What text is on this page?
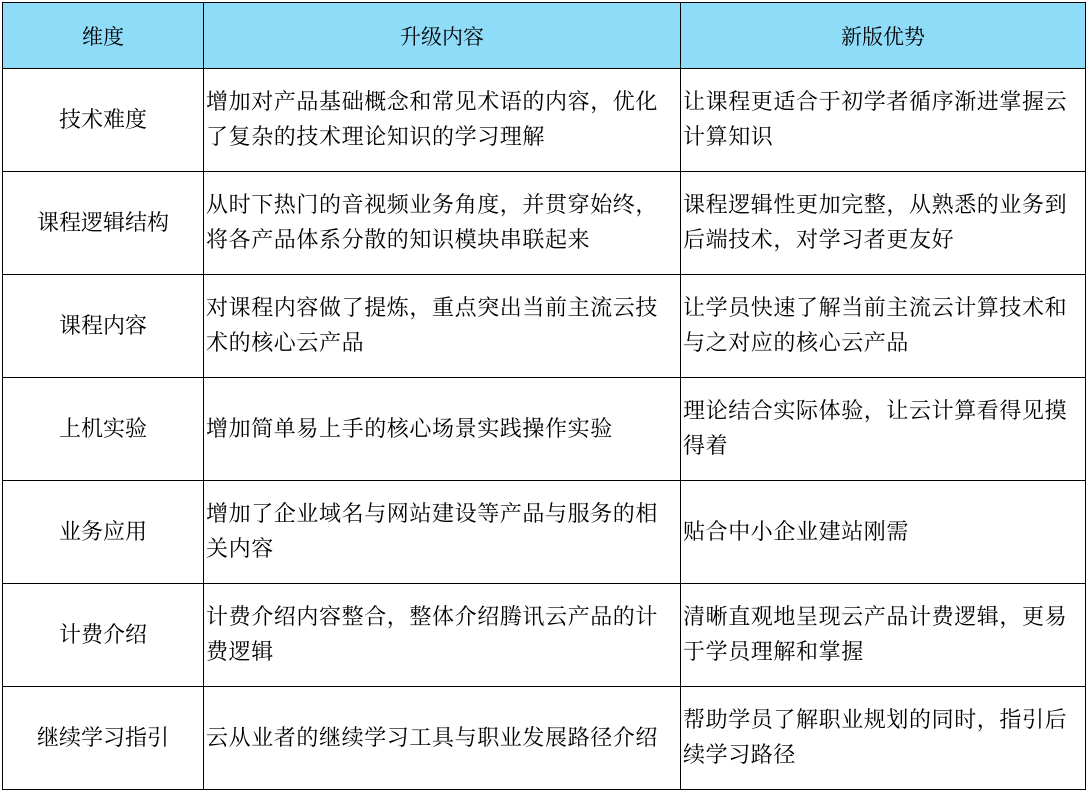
维度	升级内容	新版优势
技术难度	增加对产品基础概念和常见术语的内容，优化了复杂的技术理论知识的学习理解	让课程更适合于初学者循序渐进掌握云计算知识
课程逻辑结构	从时下热门的音视频业务角度，并贯穿始终，将各产品体系分散的知识模块串联起来	课程逻辑性更加完整，从熟悉的业务到后端技术，对学习者更友好
课程内容	对课程内容做了提炼，重点突出当前主流云技术的核心云产品	让学员快速了解当前主流云计算技术和与之对应的核心云产品
上机实验	增加简单易上手的核心场景实践操作实验	理论结合实际体验，让云计算看得见摸得着
业务应用	增加了企业域名与网站建设等产品与服务的相关内容	贴合中小企业建站刚需
计费介绍	计费介绍内容整合，整体介绍腾讯云产品的计费逻辑	清晰直观地呈现云产品计费逻辑，更易于学员理解和掌握
继续学习指引	云从业者的继续学习工具与职业发展路径介绍	帮助学员了解职业规划的同时，指引后续学习路径
